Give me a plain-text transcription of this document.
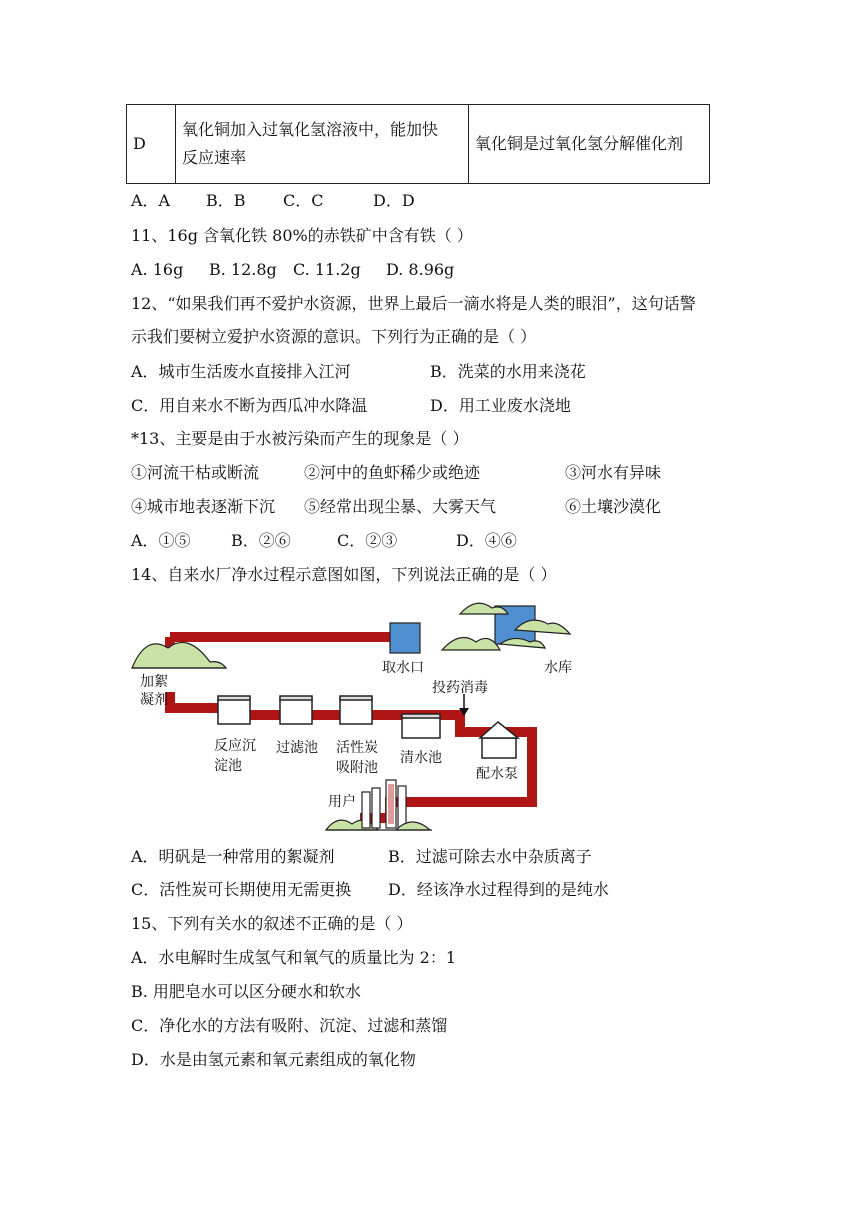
D	
氧化铜加入过氧化氢溶液中，能加快
反应速率
	氧化铜是过氧化氢分解催化剂
A．A B．B C．C	D．D
11、16g 含氧化铁 80%的赤铁矿中含有铁（ ）
A. 16g B. 12.8g C. 11.2g D. 8.96g
12、“如果我们再不爱护水资源，世界上最后一滴水将是人类的眼泪”，这句话警
示我们要树立爱护水资源的意识。下列行为正确的是（ ）
A．城市生活废水直接排入江河	B．洗菜的水用来浇花
C．用自来水不断为西瓜冲水降温	D．用工业废水浇地
*13、主要是由于水被污染而产生的现象是（ ）
①河流干枯或断流	②河中的鱼虾稀少或绝迹	③河水有异味
④城市地表逐渐下沉 ⑤经常出现尘暴、大雾天气	⑥土壤沙漠化
A．①⑤	B．②⑥	C．②③	D．④⑥
14、自来水厂净水过程示意图如图，下列说法正确的是（ ）
取水口	水库
加絮
凝剂
投药消毒
反应沉
淀池
过滤池 活性炭
吸附池
清水池
配水泵
用户
A．明矾是一种常用的絮凝剂	B．过滤可除去水中杂质离子
C．活性炭可长期使用无需更换 D．经该净水过程得到的是纯水
15、下列有关水的叙述不正确的是（ ）
A．水电解时生成氢气和氧气的质量比为 2：1
B. 用肥皂水可以区分硬水和软水
C．净化水的方法有吸附、沉淀、过滤和蒸馏
D．水是由氢元素和氧元素组成的氧化物
